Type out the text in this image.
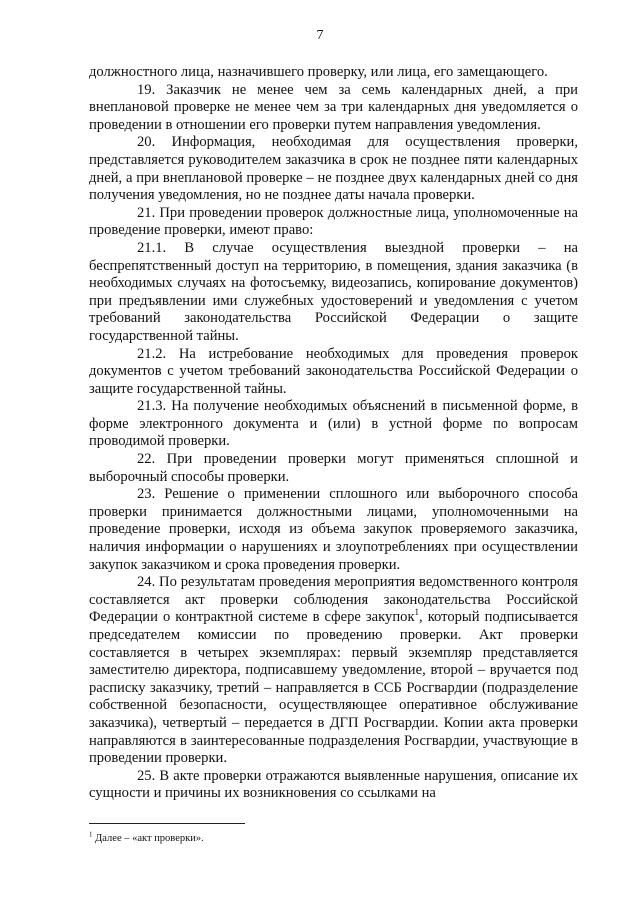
7

должностного лица, назначившего проверку, или лица, его замещающего.

19. Заказчик не менее чем за семь календарных дней, а при внеплановой проверке не менее чем за три календарных дня уведомляется о проведении в отношении его проверки путем направления уведомления.

20. Информация, необходимая для осуществления проверки, представляется руководителем заказчика в срок не позднее пяти календарных дней, а при внеплановой проверке – не позднее двух календарных дней со дня получения уведомления, но не позднее даты начала проверки.

21. При проведении проверок должностные лица, уполномоченные на проведение проверки, имеют право:

21.1. В случае осуществления выездной проверки – на беспрепятственный доступ на территорию, в помещения, здания заказчика (в необходимых случаях на фотосъемку, видеозапись, копирование документов) при предъявлении ими служебных удостоверений и уведомления с учетом требований законодательства Российской Федерации о защите государственной тайны.

21.2. На истребование необходимых для проведения проверок документов с учетом требований законодательства Российской Федерации о защите государственной тайны.

21.3. На получение необходимых объяснений в письменной форме, в форме электронного документа и (или) в устной форме по вопросам проводимой проверки.

22. При проведении проверки могут применяться сплошной и выборочный способы проверки.

23. Решение о применении сплошного или выборочного способа проверки принимается должностными лицами, уполномоченными на проведение проверки, исходя из объема закупок проверяемого заказчика, наличия информации о нарушениях и злоупотреблениях при осуществлении закупок заказчиком и срока проведения проверки.

24. По результатам проведения мероприятия ведомственного контроля составляется акт проверки соблюдения законодательства Российской Федерации о контрактной системе в сфере закупок$^1$, который подписывается председателем комиссии по проведению проверки. Акт проверки составляется в четырех экземплярах: первый экземпляр представляется заместителю директора, подписавшему уведомление, второй – вручается под расписку заказчику, третий – направляется в ССБ Росгвардии (подразделение собственной безопасности, осуществляющее оперативное обслуживание заказчика), четвертый – передается в ДГП Росгвардии. Копии акта проверки направляются в заинтересованные подразделения Росгвардии, участвующие в проведении проверки.

25. В акте проверки отражаются выявленные нарушения, описание их сущности и причины их возникновения со ссылками на

$^1$ Далее – «акт проверки».
